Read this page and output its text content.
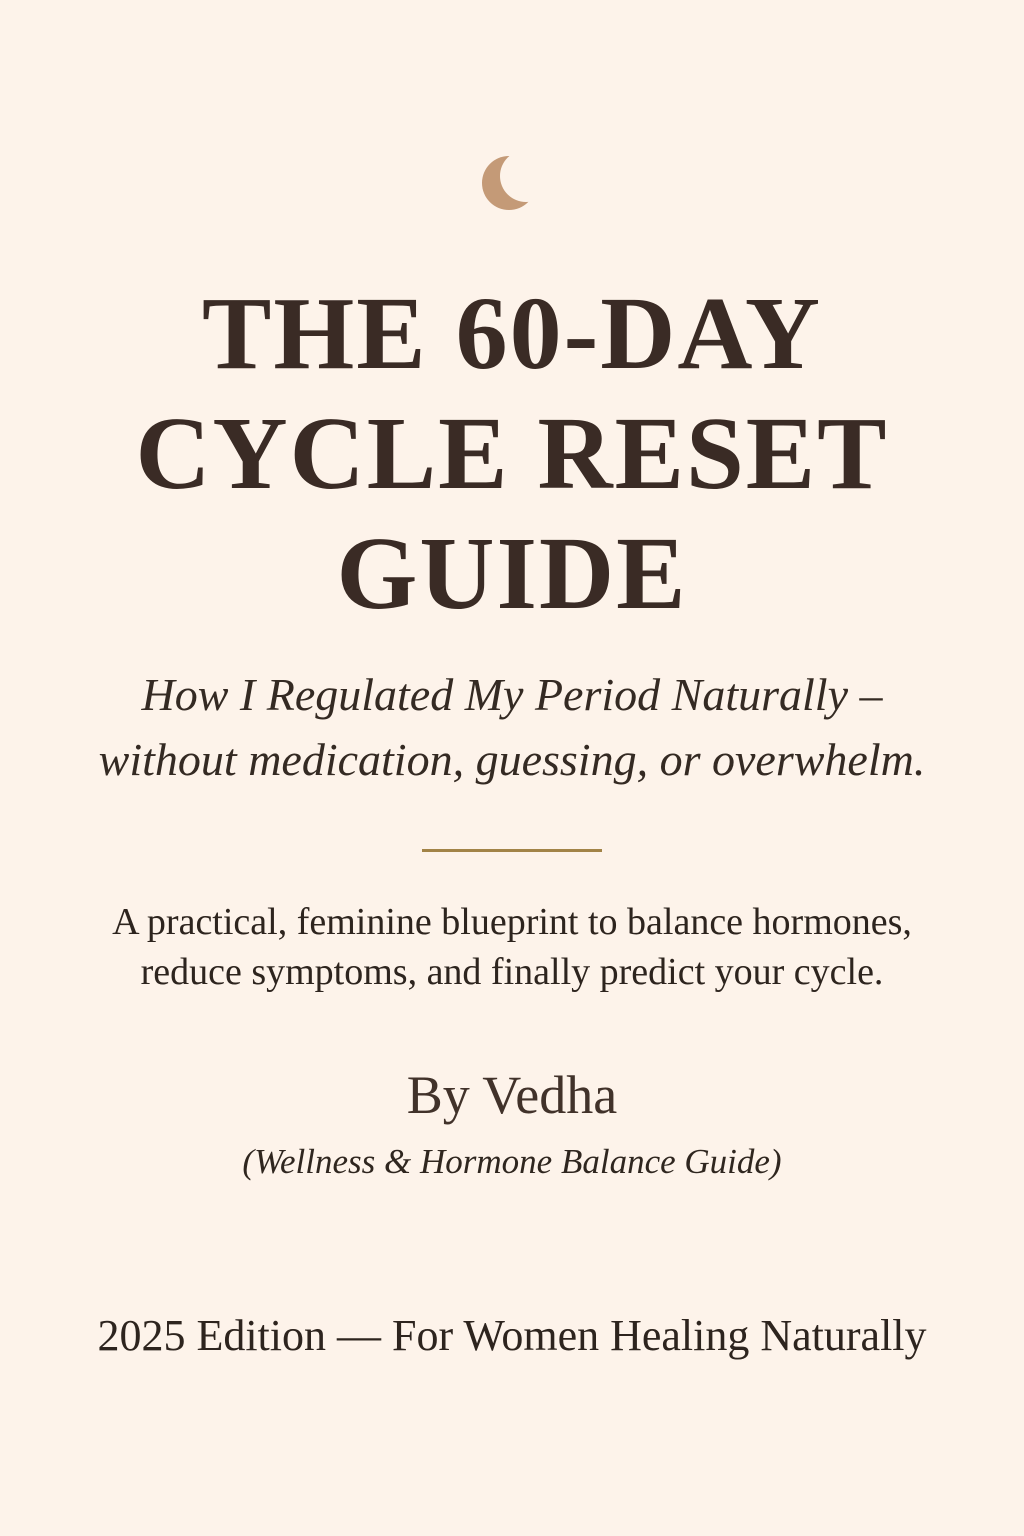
THE 60-DAY
CYCLE RESET
GUIDE
How I Regulated My Period Naturally –
without medication, guessing, or overwhelm.
A practical, feminine blueprint to balance hormones,
reduce symptoms, and finally predict your cycle.
By Vedha
(Wellness & Hormone Balance Guide)
2025 Edition — For Women Healing Naturally
